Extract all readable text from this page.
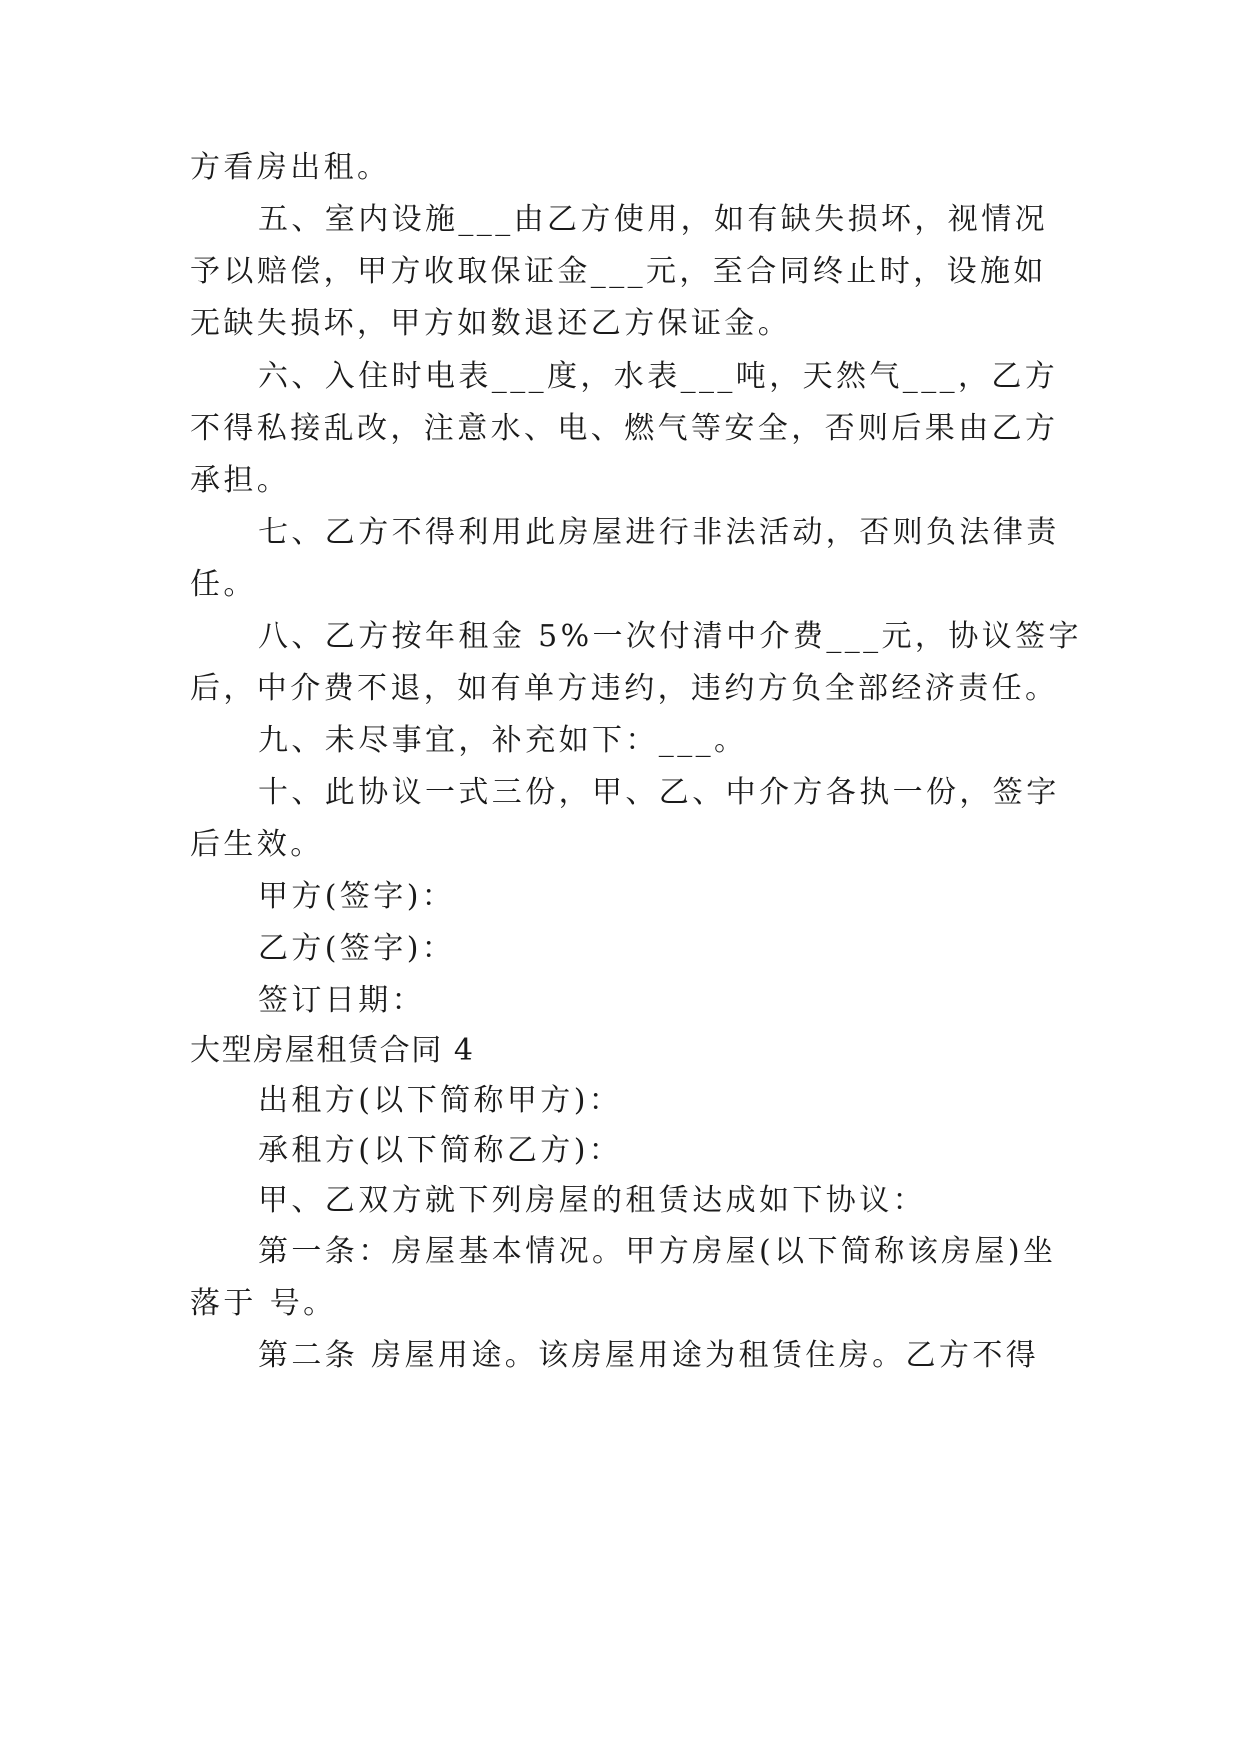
方看房出租。
五、室内设施___由乙方使用，如有缺失损坏，视情况
予以赔偿，甲方收取保证金___元，至合同终止时，设施如
无缺失损坏，甲方如数退还乙方保证金。
六、入住时电表___度，水表___吨，天然气___，乙方
不得私接乱改，注意水、电、燃气等安全，否则后果由乙方
承担。
七、乙方不得利用此房屋进行非法活动，否则负法律责
任。
八、乙方按年租金 5%一次付清中介费___元，协议签字
后，中介费不退，如有单方违约，违约方负全部经济责任。
九、未尽事宜，补充如下：___。
十、此协议一式三份，甲、乙、中介方各执一份，签字
后生效。
甲方(签字)：
乙方(签字)：
签订日期：
大型房屋租赁合同 4
出租方(以下简称甲方)：
承租方(以下简称乙方)：
甲、乙双方就下列房屋的租赁达成如下协议：
第一条：房屋基本情况。甲方房屋(以下简称该房屋)坐
落于 号。
第二条 房屋用途。该房屋用途为租赁住房。乙方不得
